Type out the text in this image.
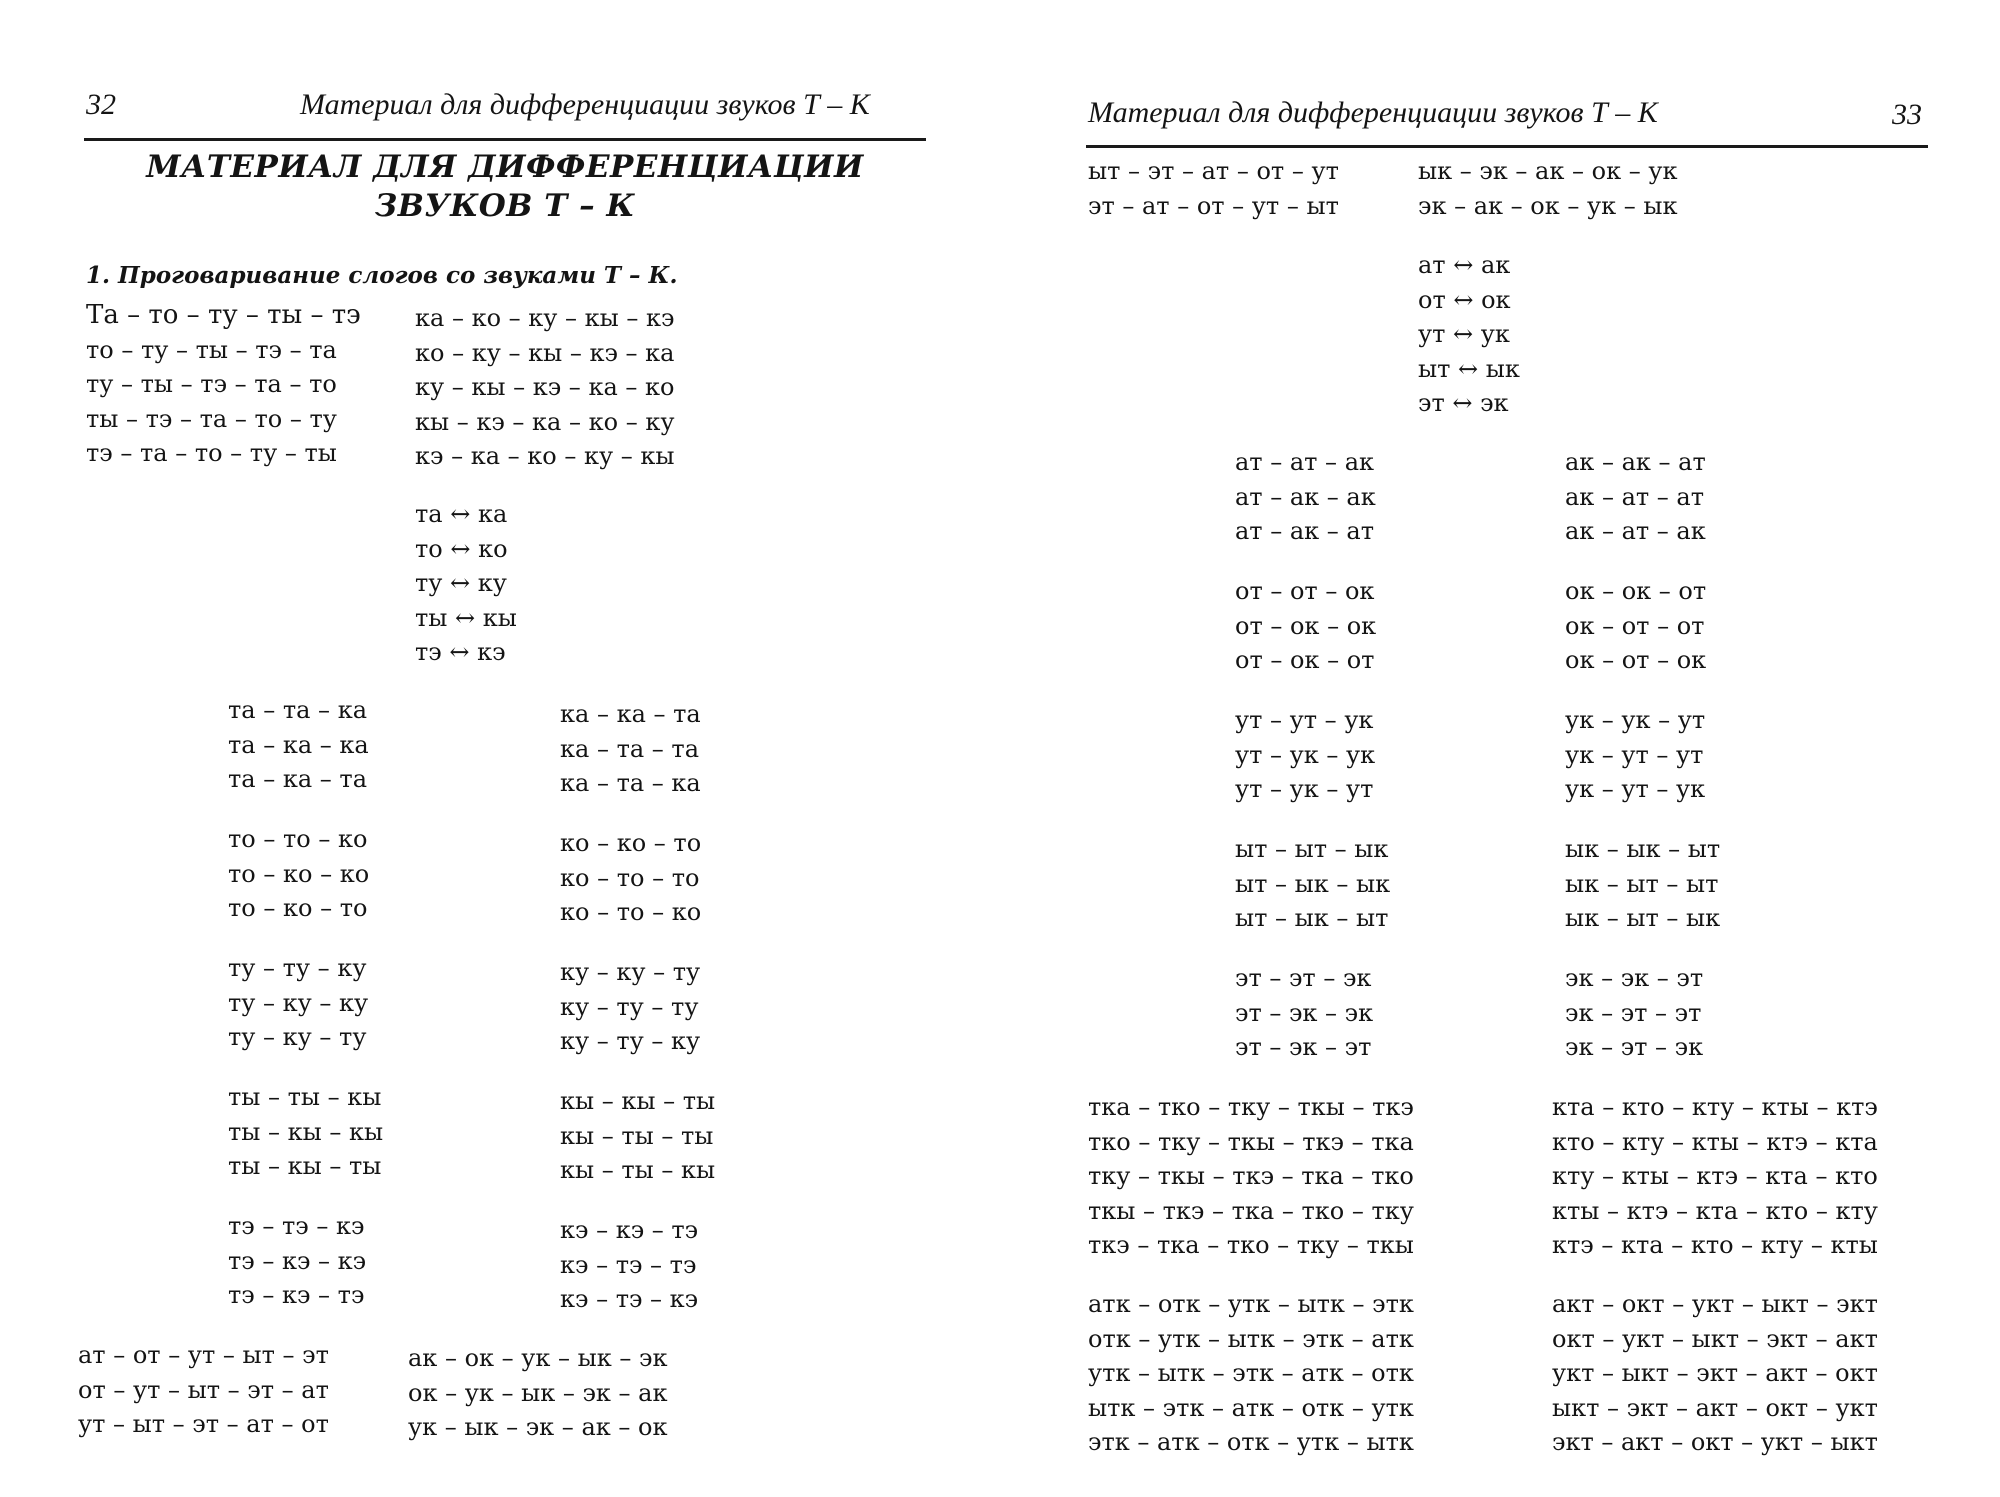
32	Материал для дифференциации звуков Т – К
МАТЕРИАЛ ДЛЯ ДИФФЕРЕНЦИАЦИИ
ЗВУКОВ Т – К
1. Проговаривание слогов со звуками Т – К.
Та – то – ту – ты – тэ
то – ту – ты – тэ – та
ту – ты – тэ – та – то
ты – тэ – та – то – ту
тэ – та – то – ту – ты
ка – ко – ку – кы – кэ
ко – ку – кы – кэ – ка
ку – кы – кэ – ка – ко
кы – кэ – ка – ко – ку
кэ – ка – ко – ку – кы
та ↔ ка
то ↔ ко
ту ↔ ку
ты ↔ кы
тэ ↔ кэ
та – та – ка
та – ка – ка
та – ка – та
то – то – ко
то – ко – ко
то – ко – то
ту – ту – ку
ту – ку – ку
ту – ку – ту
ты – ты – кы
ты – кы – кы
ты – кы – ты
тэ – тэ – кэ
тэ – кэ – кэ
тэ – кэ – тэ
ка – ка – та
ка – та – та
ка – та – ка
ко – ко – то
ко – то – то
ко – то – ко
ку – ку – ту
ку – ту – ту
ку – ту – ку
кы – кы – ты
кы – ты – ты
кы – ты – кы
кэ – кэ – тэ
кэ – тэ – тэ
кэ – тэ – кэ
ат – от – ут – ыт – эт
от – ут – ыт – эт – ат
ут – ыт – эт – ат – от
ак – ок – ук – ык – эк
ок – ук – ык – эк – ак
ук – ык – эк – ак – ок
Материал для дифференциации звуков Т – К	33
ыт – эт – ат – от – ут
эт – ат – от – ут – ыт
ык – эк – ак – ок – ук
эк – ак – ок – ук – ык
ат ↔ ак
от ↔ ок
ут ↔ ук
ыт ↔ ык
эт ↔ эк
ат – ат – ак
ат – ак – ак
ат – ак – ат
от – от – ок
от – ок – ок
от – ок – от
ут – ут – ук
ут – ук – ук
ут – ук – ут
ыт – ыт – ык
ыт – ык – ык
ыт – ык – ыт
эт – эт – эк
эт – эк – эк
эт – эк – эт
ак – ак – ат
ак – ат – ат
ак – ат – ак
ок – ок – от
ок – от – от
ок – от – ок
ук – ук – ут
ук – ут – ут
ук – ут – ук
ык – ык – ыт
ык – ыт – ыт
ык – ыт – ык
эк – эк – эт
эк – эт – эт
эк – эт – эк
тка – тко – тку – ткы – ткэ
тко – тку – ткы – ткэ – тка
тку – ткы – ткэ – тка – тко
ткы – ткэ – тка – тко – тку
ткэ – тка – тко – тку – ткы
кта – кто – кту – кты – ктэ
кто – кту – кты – ктэ – кта
кту – кты – ктэ – кта – кто
кты – ктэ – кта – кто – кту
ктэ – кта – кто – кту – кты
атк – отк – утк – ытк – этк
отк – утк – ытк – этк – атк
утк – ытк – этк – атк – отк
ытк – этк – атк – отк – утк
этк – атк – отк – утк – ытк
акт – окт – укт – ыкт – экт
окт – укт – ыкт – экт – акт
укт – ыкт – экт – акт – окт
ыкт – экт – акт – окт – укт
экт – акт – окт – укт – ыкт
